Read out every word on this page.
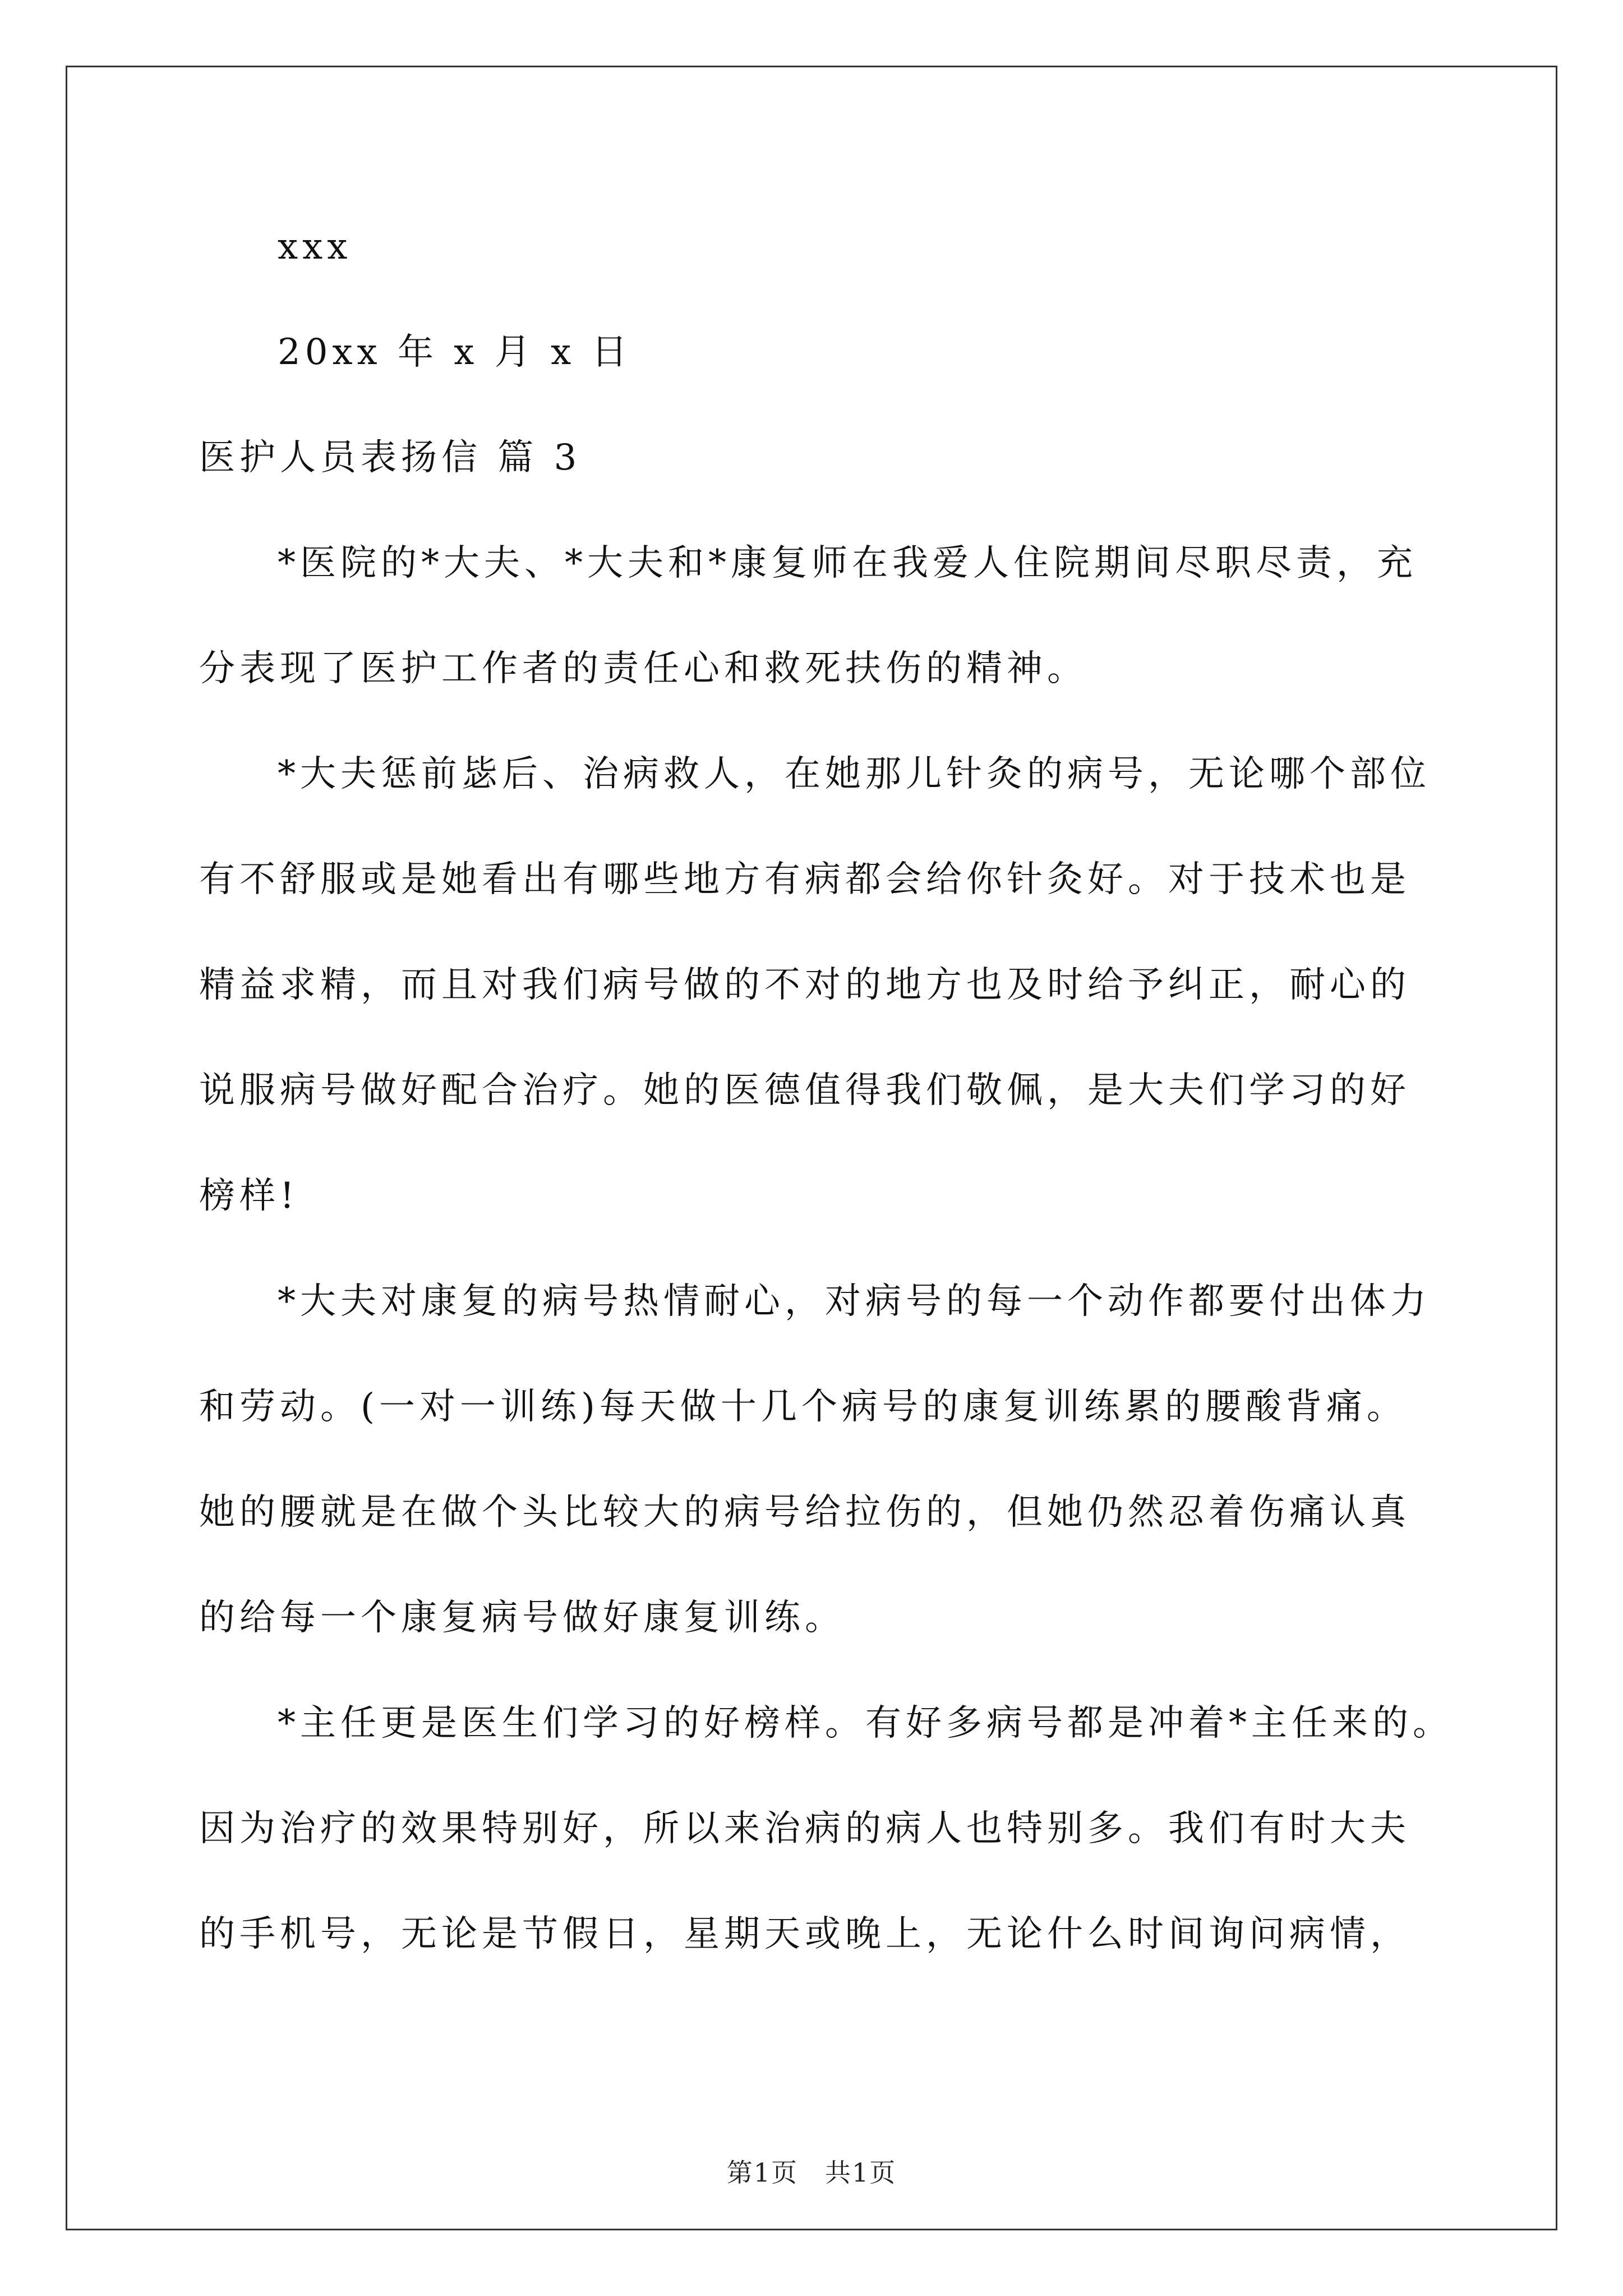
xxx
20xx 年 x 月 x 日
医护人员表扬信 篇 3
*医院的*大夫、*大夫和*康复师在我爱人住院期间尽职尽责，充
分表现了医护工作者的责任心和救死扶伤的精神。
*大夫惩前毖后、治病救人，在她那儿针灸的病号，无论哪个部位
有不舒服或是她看出有哪些地方有病都会给你针灸好。对于技术也是
精益求精，而且对我们病号做的不对的地方也及时给予纠正，耐心的
说服病号做好配合治疗。她的医德值得我们敬佩，是大夫们学习的好
榜样!
*大夫对康复的病号热情耐心，对病号的每一个动作都要付出体力
和劳动。(一对一训练)每天做十几个病号的康复训练累的腰酸背痛。
她的腰就是在做个头比较大的病号给拉伤的，但她仍然忍着伤痛认真
的给每一个康复病号做好康复训练。
*主任更是医生们学习的好榜样。有好多病号都是冲着*主任来的。
因为治疗的效果特别好，所以来治病的病人也特别多。我们有时大夫
的手机号，无论是节假日，星期天或晚上，无论什么时间询问病情，
第1页　共1页
